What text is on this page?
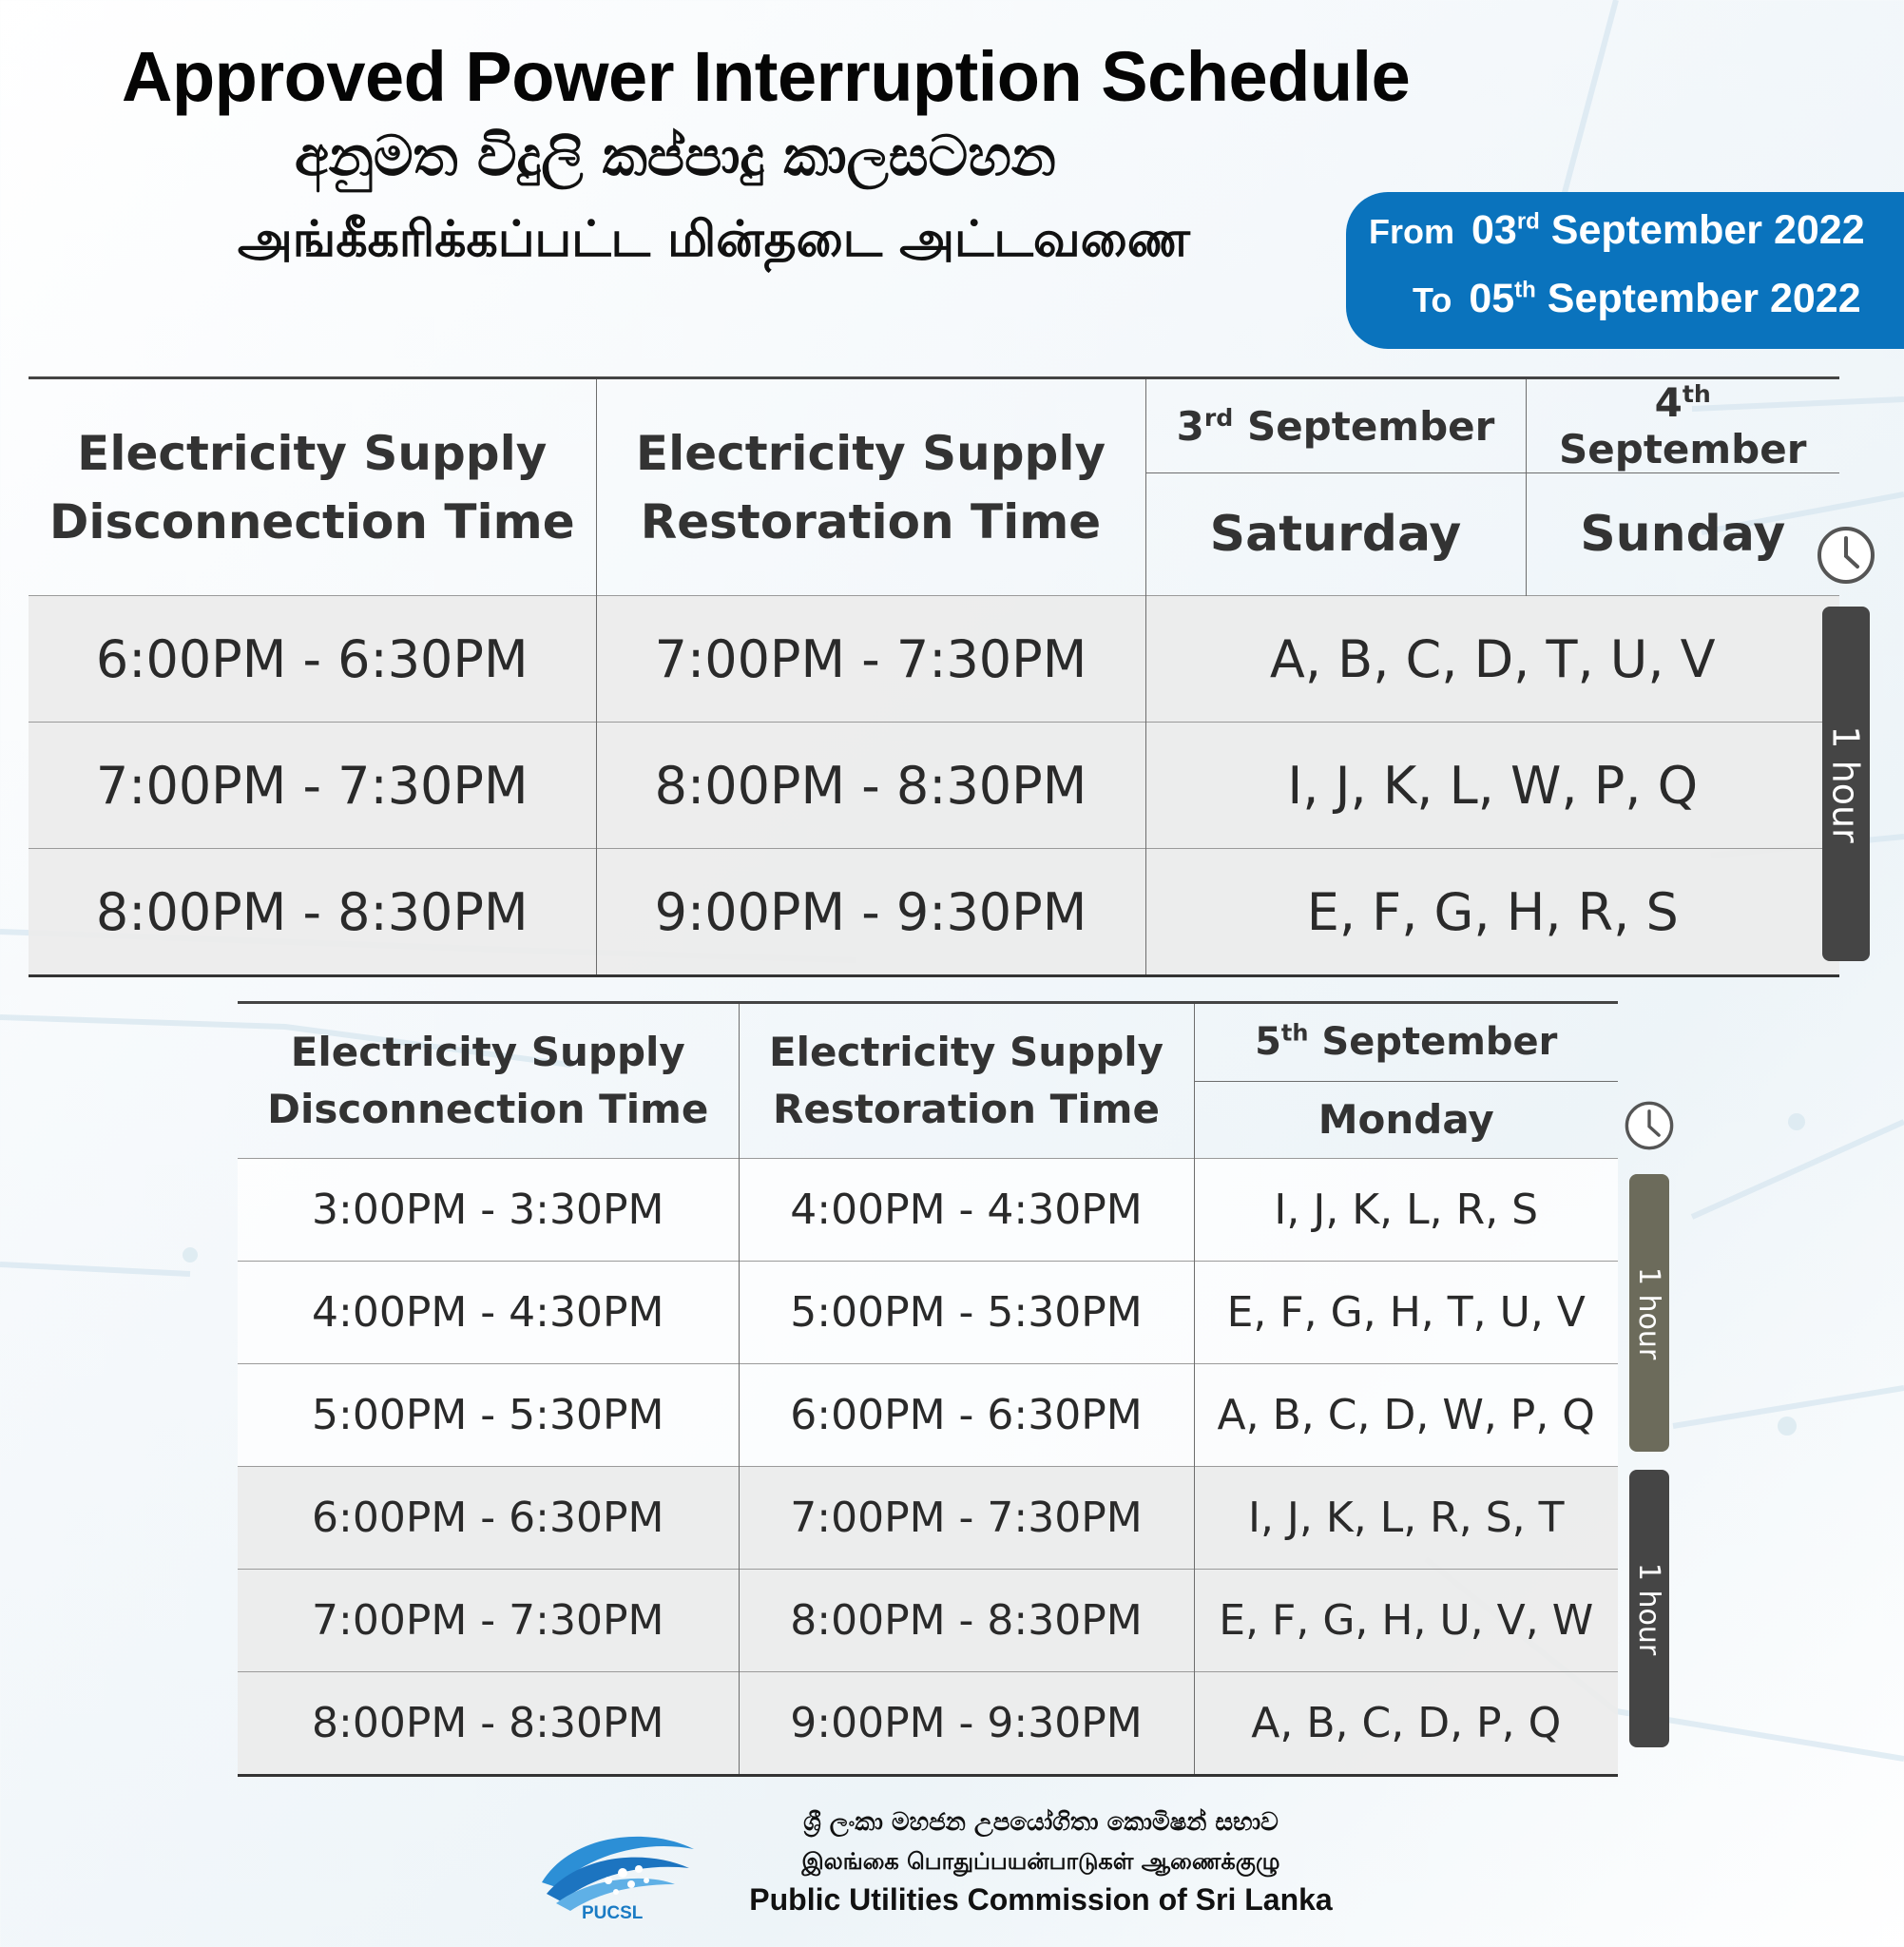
Approved Power Interruption Schedule
අනුමත විදුලි කප්පාදු කාලසටහන
அங்கீகரிக்கப்பட்ட மின்தடை அட்டவணை	From 03rd September 2022
To 05th September 2022
Electricity Supply Disconnection Time	Electricity Supply Restoration Time	3rd September	4th September
		Saturday	Sunday
6:00PM - 6:30PM	7:00PM - 7:30PM	A, B, C, D, T, U, V	
7:00PM - 7:30PM	8:00PM - 8:30PM	I, J, K, L, W, P, Q	
8:00PM - 8:30PM	9:00PM - 9:30PM	E, F, G, H, R, S	
1 hour
Electricity Supply Disconnection Time	Electricity Supply Restoration Time	5th September
		Monday
3:00PM - 3:30PM	4:00PM - 4:30PM	I, J, K, L, R, S
4:00PM - 4:30PM	5:00PM - 5:30PM	E, F, G, H, T, U, V
5:00PM - 5:30PM	6:00PM - 6:30PM	A, B, C, D, W, P, Q
6:00PM - 6:30PM	7:00PM - 7:30PM	I, J, K, L, R, S, T
7:00PM - 7:30PM	8:00PM - 8:30PM	E, F, G, H, U, V, W
8:00PM - 8:30PM	9:00PM - 9:30PM	A, B, C, D, P, Q
1 hour
1 hour
PUCSL
ශ්‍රී ලංකා මහජන උපයෝගිතා කොමිෂන් සභාව
இலங்கை பொதுப்பயன்பாடுகள் ஆணைக்குழு
Public Utilities Commission of Sri Lanka
